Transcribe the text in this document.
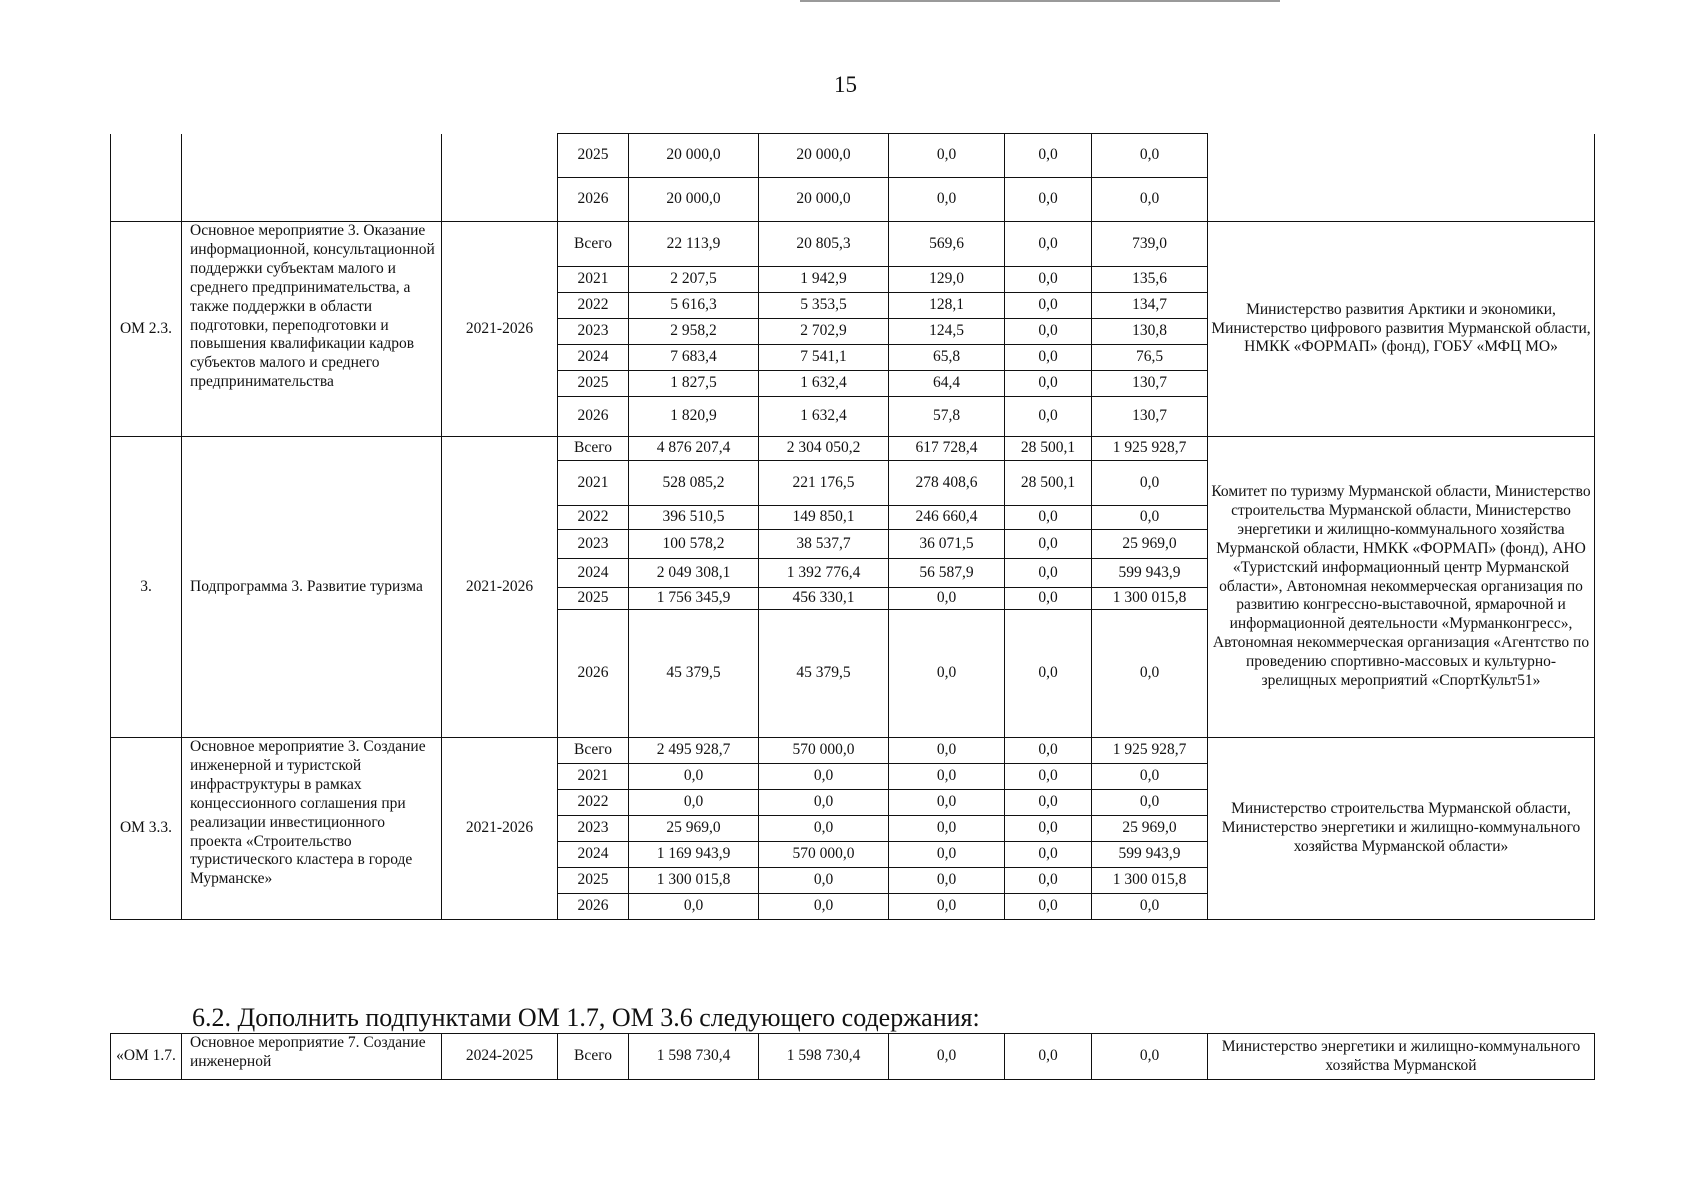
15
			2025	20 000,0	20 000,0	0,0	0,0	0,0	
			2026	20 000,0	20 000,0	0,0	0,0	0,0	
ОМ 2.3.	Основное мероприятие 3. Оказание информационной, консультационной поддержки субъектам малого и среднего предпринимательства, а также поддержки в области подготовки, переподготовки и повышения квалификации кадров субъектов малого и среднего предпринимательства	2021-2026	Всего	22 113,9	20 805,3	569,6	0,0	739,0	Министерство развития Арктики и экономики, Министерство цифрового развития Мурманской области, НМКК «ФОРМАП» (фонд), ГОБУ «МФЦ МО»
			2021	2 207,5	1 942,9	129,0	0,0	135,6	
			2022	5 616,3	5 353,5	128,1	0,0	134,7	
			2023	2 958,2	2 702,9	124,5	0,0	130,8	
			2024	7 683,4	7 541,1	65,8	0,0	76,5	
			2025	1 827,5	1 632,4	64,4	0,0	130,7	
			2026	1 820,9	1 632,4	57,8	0,0	130,7	
3.	Подпрограмма 3. Развитие туризма	2021-2026	Всего	4 876 207,4	2 304 050,2	617 728,4	28 500,1	1 925 928,7	Комитет по туризму Мурманской области, Министерство строительства Мурманской области, Министерство энергетики и жилищно-коммунального хозяйства Мурманской области, НМКК «ФОРМАП» (фонд), АНО «Туристский информационный центр Мурманской области», Автономная некоммерческая организация по развитию конгрессно-выставочной, ярмарочной и информационной деятельности «Мурманконгресс», Автономная некоммерческая организация «Агентство по проведению спортивно-массовых и культурно-зрелищных мероприятий «СпортКульт51»
			2021	528 085,2	221 176,5	278 408,6	28 500,1	0,0	
			2022	396 510,5	149 850,1	246 660,4	0,0	0,0	
			2023	100 578,2	38 537,7	36 071,5	0,0	25 969,0	
			2024	2 049 308,1	1 392 776,4	56 587,9	0,0	599 943,9	
			2025	1 756 345,9	456 330,1	0,0	0,0	1 300 015,8	
			2026	45 379,5	45 379,5	0,0	0,0	0,0	
ОМ 3.3.	Основное мероприятие 3. Создание инженерной и туристской инфраструктуры в рамках концессионного соглашения при реализации инвестиционного проекта «Строительство туристического кластера в городе Мурманске»	2021-2026	Всего	2 495 928,7	570 000,0	0,0	0,0	1 925 928,7	Министерство строительства Мурманской области, Министерство энергетики и жилищно-коммунального хозяйства Мурманской области»
			2021	0,0	0,0	0,0	0,0	0,0	
			2022	0,0	0,0	0,0	0,0	0,0	
			2023	25 969,0	0,0	0,0	0,0	25 969,0	
			2024	1 169 943,9	570 000,0	0,0	0,0	599 943,9	
			2025	1 300 015,8	0,0	0,0	0,0	1 300 015,8	
			2026	0,0	0,0	0,0	0,0	0,0	
6.2. Дополнить подпунктами ОМ 1.7, ОМ 3.6 следующего содержания:
«ОМ 1.7.	Основное мероприятие 7. Создание инженерной	2024-2025	Всего	1 598 730,4	1 598 730,4	0,0	0,0	0,0	Министерство энергетики и жилищно-коммунального хозяйства Мурманской
